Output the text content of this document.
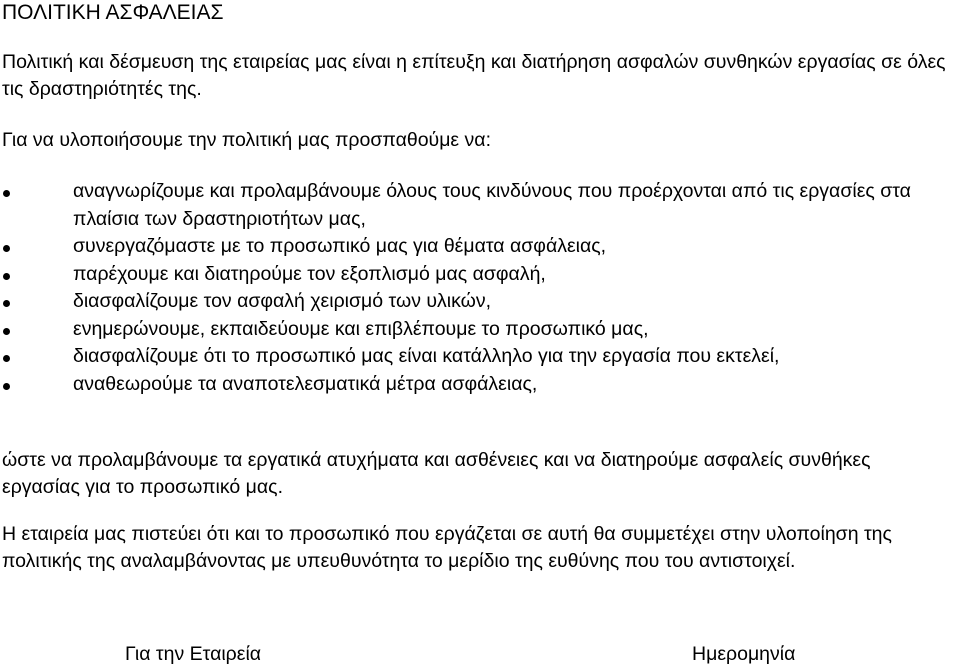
ΠΟΛΙΤΙΚΗ ΑΣΦΑΛΕΙΑΣ

Πολιτική και δέσμευση της εταιρείας μας είναι η επίτευξη και διατήρηση ασφαλών συνθηκών εργασίας σε όλες τις δραστηριότητές της.

Για να υλοποιήσουμε την πολιτική μας προσπαθούμε να:

αναγνωρίζουμε και προλαμβάνουμε όλους τους κινδύνους που προέρχονται από τις εργασίες στα πλαίσια των δραστηριοτήτων μας,
συνεργαζόμαστε με το προσωπικό μας για θέματα ασφάλειας,
παρέχουμε και διατηρούμε τον εξοπλισμό μας ασφαλή,
διασφαλίζουμε τον ασφαλή χειρισμό των υλικών,
ενημερώνουμε, εκπαιδεύουμε και επιβλέπουμε το προσωπικό μας,
διασφαλίζουμε ότι το προσωπικό μας είναι κατάλληλο για την εργασία που εκτελεί,
αναθεωρούμε τα αναποτελεσματικά μέτρα ασφάλειας,

ώστε να προλαμβάνουμε τα εργατικά ατυχήματα και ασθένειες και να διατηρούμε ασφαλείς συνθήκες εργασίας για το προσωπικό μας.

Η εταιρεία μας πιστεύει ότι και το προσωπικό που εργάζεται σε αυτή θα συμμετέχει στην υλοποίηση της πολιτικής της αναλαμβάνοντας με υπευθυνότητα το μερίδιο της ευθύνης που του αντιστοιχεί.

Για την Εταιρεία	Ημερομηνία
